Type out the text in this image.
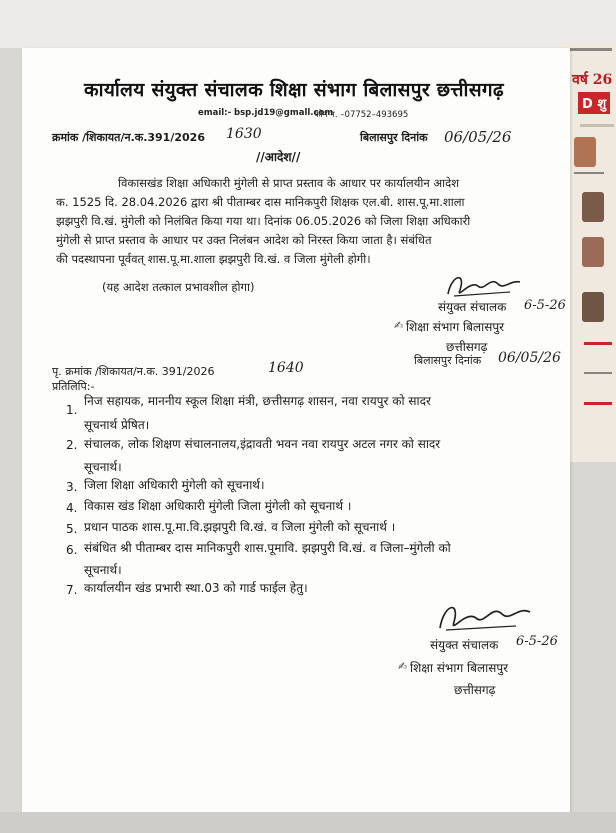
वर्ष 26
D शु
कार्यालय संयुक्त संचालक शिक्षा संभाग बिलासपुर छत्तीसगढ़
email:- bsp.jd19@gmall.com
फोन न. –07752–493695
क्रमांक /शिकायत/न.क.391/2026 1630	बिलासपुर दिनांक 06/05/26
//आदेश//
विकासखंड शिक्षा अधिकारी मुंगेली से प्राप्त प्रस्ताव के आधार पर कार्यालयीन आदेश
क. 1525 दि. 28.04.2026 द्वारा श्री पीताम्बर दास मानिकपुरी शिक्षक एल.बी. शास.पू.मा.शाला
झझपुरी वि.खं. मुंगेली को निलंबित किया गया था। दिनांक 06.05.2026 को जिला शिक्षा अधिकारी
मुंगेली से प्राप्त प्रस्ताव के आधार पर उक्त निलंबन आदेश को निरस्त किया जाता है। संबंधित
की पदस्थापना पूर्ववत् शास.पू.मा.शाला झझपुरी वि.खं. व जिला मुंगेली होगी।
(यह आदेश तत्काल प्रभावशील होगा)
संयुक्त संचालक 6-5-26
✍ शिक्षा संभाग बिलासपुर
छत्तीसगढ़
पृ. क्रमांक /शिकायत/न.क. 391/2026	1640	बिलासपुर दिनांक 06/05/26
प्रतिलिपि:-
1.
निज सहायक, माननीय स्कूल शिक्षा मंत्री, छत्तीसगढ़ शासन, नवा रायपुर को सादर
सूचनार्थ प्रेषित।
2. संचालक, लोक शिक्षण संचालनालय,इंद्रावती भवन नवा रायपुर अटल नगर को सादर
सूचनार्थ।
3. जिला शिक्षा अधिकारी मुंगेली को सूचनार्थ।
4. विकास खंड शिक्षा अधिकारी मुंगेली जिला मुंगेली को सूचनार्थ ।
5. प्रधान पाठक शास.पू.मा.वि.झझपुरी वि.खं. व जिला मुंगेली को सूचनार्थ ।
6. संबंधित श्री पीताम्बर दास मानिकपुरी शास.पूमावि. झझपुरी वि.खं. व जिला–मुंगेली को
सूचनार्थ।
7. कार्यालयीन खंड प्रभारी स्था.03 को गार्ड फाईल हेतु।
संयुक्त संचालक 6-5-26
✍ शिक्षा संभाग बिलासपुर
छत्तीसगढ़
